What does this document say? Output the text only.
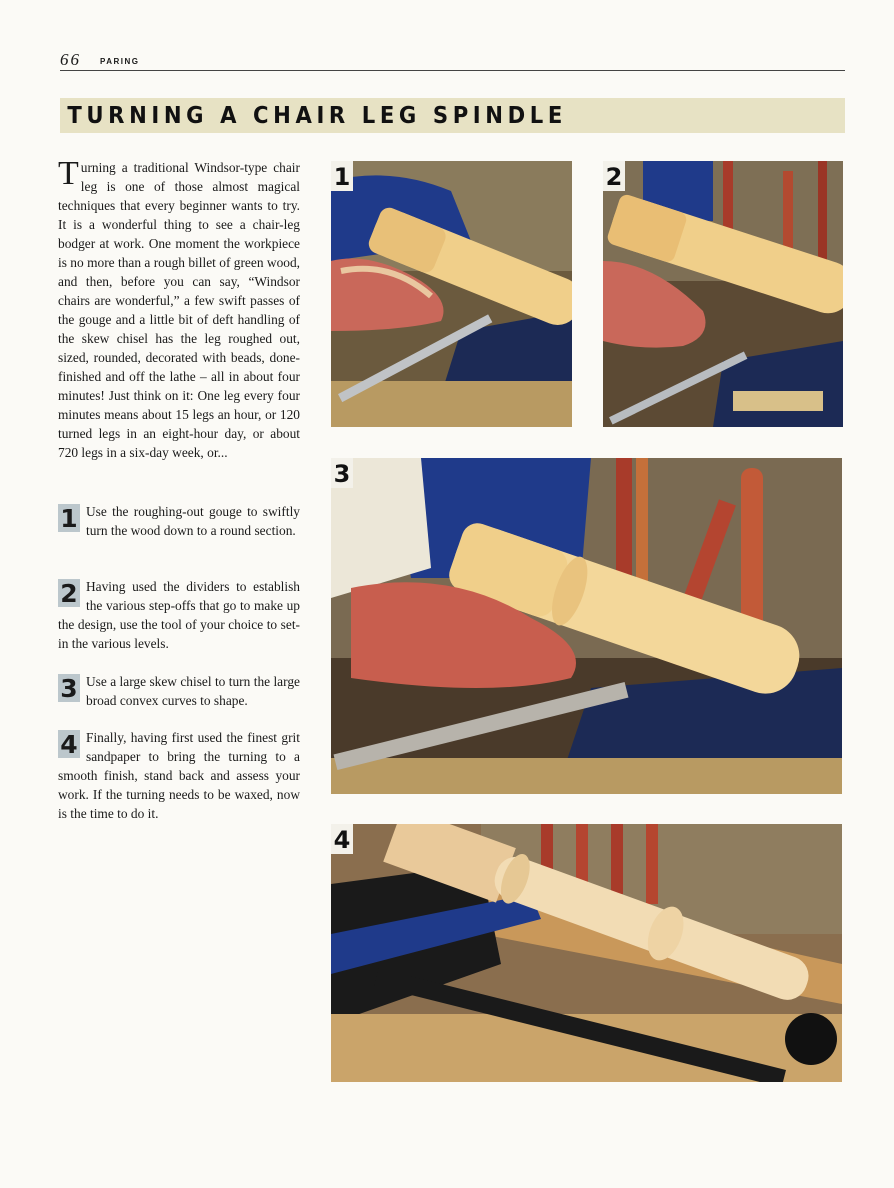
66 PARING
TURNING A CHAIR LEG SPINDLE

Turning a traditional Windsor-type chair leg is one of those almost magical techniques that every beginner wants to try. It is a wonderful thing to see a chair-leg bodger at work. One moment the workpiece is no more than a rough billet of green wood, and then, before you can say, “Windsor chairs are wonderful,” a few swift passes of the gouge and a little bit of deft handling of the skew chisel has the leg roughed out, sized, rounded, decorated with beads, done-finished and off the lathe – all in about four minutes! Just think on it: One leg every four minutes means about 15 legs an hour, or 120 turned legs in an eight-hour day, or about 720 legs in a six-day week, or...

1 Use the roughing-out gouge to swiftly turn the wood down to a round section.

2 Having used the dividers to establish the various step-offs that go to make up the design, use the tool of your choice to set-in the various levels.

3 Use a large skew chisel to turn the large broad convex curves to shape.

4 Finally, having first used the finest grit sandpaper to bring the turning to a smooth finish, stand back and assess your work. If the turning needs to be waxed, now is the time to do it.

1	2
3
4
